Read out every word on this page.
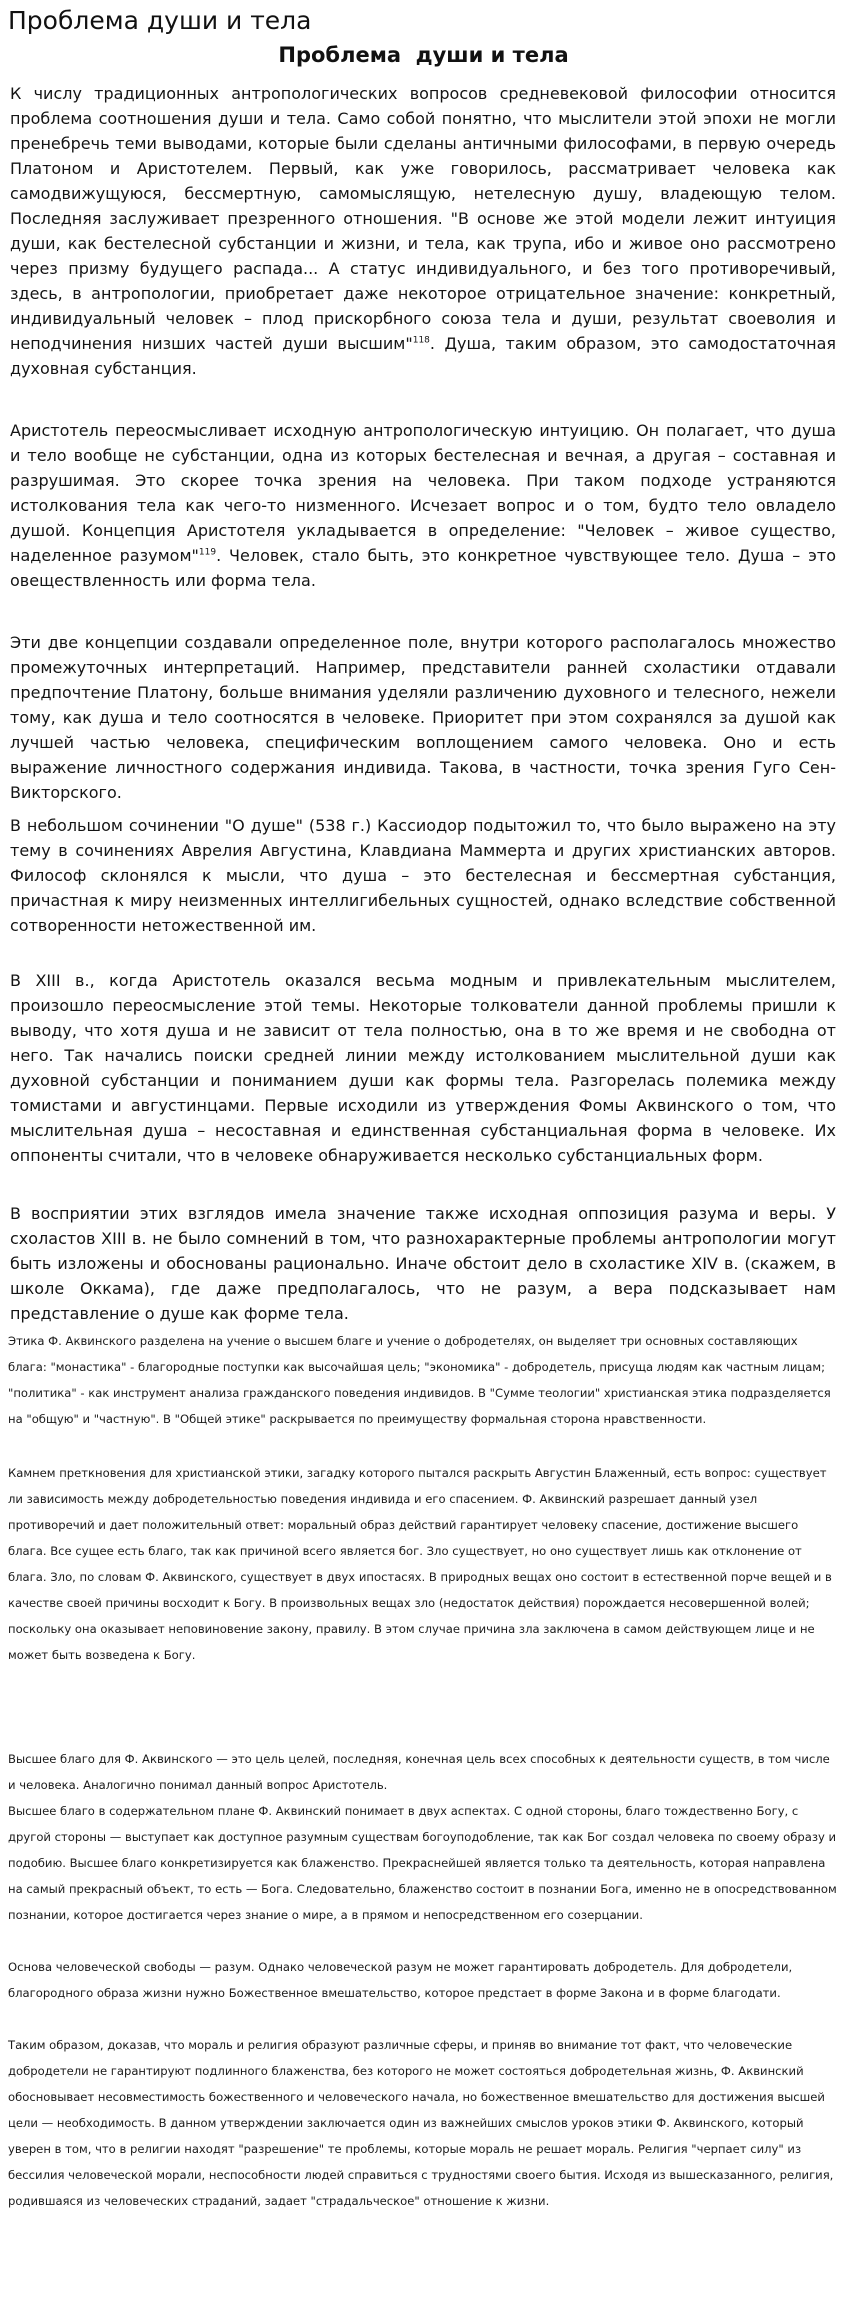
Проблема души и тела
Проблема  души и тела

К числу традиционных антропологических вопросов средневековой философии относится проблема соотношения души и тела. Само собой понятно, что мыслители этой эпохи не могли пренебречь теми выводами, которые были сделаны античными философами, в первую очередь Платоном и Аристотелем. Первый, как уже говорилось, рассматривает человека как самодвижущуюся, бессмертную, самомыслящую, нетелесную душу, владеющую телом. Последняя заслуживает презренного отношения. "В основе же этой модели лежит интуиция души, как бестелесной субстанции и жизни, и тела, как трупа, ибо и живое оно рассмотрено через призму будущего распада... А статус индивидуального, и без того противоречивый, здесь, в антропологии, приобретает даже некоторое отрицательное значение: конкретный, индивидуальный человек – плод прискорбного союза тела и души, результат своеволия и неподчинения низших частей души высшим"$^{118}$. Душа, таким образом, это самодостаточная духовная субстанция.

Аристотель переосмысливает исходную антропологическую интуицию. Он полагает, что душа и тело вообще не субстанции, одна из которых бестелесная и вечная, а другая – составная и разрушимая. Это скорее точка зрения на человека. При таком подходе устраняются истолкования тела как чего-то низменного. Исчезает вопрос и о том, будто тело овладело душой. Концепция Аристотеля укладывается в определение: "Человек – живое существо, наделенное разумом"$^{119}$. Человек, стало быть, это конкретное чувствующее тело. Душа – это овеществленность или форма тела.

Эти две концепции создавали определенное поле, внутри которого располагалось множество промежуточных интерпретаций. Например, представители ранней схоластики отдавали предпочтение Платону, больше внимания уделяли различению духовного и телесного, нежели тому, как душа и тело соотносятся в человеке. Приоритет при этом сохранялся за душой как лучшей частью человека, специфическим воплощением самого человека. Оно и есть выражение личностного содержания индивида. Такова, в частности, точка зрения Гуго Сен-Викторского.

В небольшом сочинении "О душе" (538 г.) Кассиодор подытожил то, что было выражено на эту тему в сочинениях Аврелия Августина, Клавдиана Маммерта и других христианских авторов. Философ склонялся к мысли, что душа – это бестелесная и бессмертная субстанция, причастная к миру неизменных интеллигибельных сущностей, однако вследствие собственной сотворенности нетожественной им.

В XIII в., когда Аристотель оказался весьма модным и привлекательным мыслителем, произошло переосмысление этой темы. Некоторые толкователи данной проблемы пришли к выводу, что хотя душа и не зависит от тела полностью, она в то же время и не свободна от него. Так начались поиски средней линии между истолкованием мыслительной души как духовной субстанции и пониманием души как формы тела. Разгорелась полемика между томистами и августинцами. Первые исходили из утверждения Фомы Аквинского о том, что мыслительная душа – несоставная и единственная субстанциальная форма в человеке. Их оппоненты считали, что в человеке обнаруживается несколько субстанциальных форм.

В восприятии этих взглядов имела значение также исходная оппозиция разума и веры. У схоластов XIII в. не было сомнений в том, что разнохарактерные проблемы антропологии могут быть изложены и обоснованы рационально. Иначе обстоит дело в схоластике XIV в. (скажем, в школе Оккама), где даже предполагалось, что не разум, а вера подсказывает нам представление о душе как форме тела.

Этика Ф. Аквинского разделена на учение о высшем благе и учение о добродетелях, он выделяет три основных составляющих блага: "монастика" - благородные поступки как высочайшая цель; "экономика" - добродетель, присуща людям как частным лицам; "политика" - как инструмент анализа гражданского поведения индивидов. В "Сумме теологии" христианская этика подразделяется на "общую" и "частную". В "Общей этике" раскрывается по преимуществу формальная сторона нравственности.

Камнем преткновения для христианской этики, загадку которого пытался раскрыть Августин Блаженный, есть вопрос: существует ли зависимость между добродетельностью поведения индивида и его спасением. Ф. Аквинский разрешает данный узел противоречий и дает положительный ответ: моральный образ действий гарантирует человеку спасение, достижение высшего блага. Все сущее есть благо, так как причиной всего является бог. Зло существует, но оно существует лишь как отклонение от блага. Зло, по словам Ф. Аквинского, существует в двух ипостасях. В природных вещах оно состоит в естественной порче вещей и в качестве своей причины восходит к Богу. В произвольных вещах зло (недостаток действия) порождается несовершенной волей; поскольку она оказывает неповиновение закону, правилу. В этом случае причина зла заключена в самом действующем лице и не может быть возведена к Богу.

Высшее благо для Ф. Аквинского — это цель целей, последняя, конечная цель всех способных к деятельности существ, в том числе и человека. Аналогично понимал данный вопрос Аристотель.

Высшее благо в содержательном плане Ф. Аквинский понимает в двух аспектах. С одной стороны, благо тождественно Богу, с другой стороны — выступает как доступное разумным существам богоуподобление, так как Бог создал человека по своему образу и подобию. Высшее благо конкретизируется как блаженство. Прекраснейшей является только та деятельность, которая направлена на самый прекрасный объект, то есть — Бога. Следовательно, блаженство состоит в познании Бога, именно не в опосредствованном познании, которое достигается через знание о мире, а в прямом и непосредственном его созерцании.

Основа человеческой свободы — разум. Однако человеческой разум не может гарантировать добродетель. Для добродетели, благородного образа жизни нужно Божественное вмешательство, которое предстает в форме Закона и в форме благодати.

Таким образом, доказав, что мораль и религия образуют различные сферы, и приняв во внимание тот факт, что человеческие добродетели не гарантируют подлинного блаженства, без которого не может состояться добродетельная жизнь, Ф. Аквинский обосновывает несовместимость божественного и человеческого начала, но божественное вмешательство для достижения высшей цели — необходимость. В данном утверждении заключается один из важнейших смыслов уроков этики Ф. Аквинского, который уверен в том, что в религии находят "разрешение" те проблемы, которые мораль не решает мораль. Религия "черпает силу" из бессилия человеческой морали, неспособности людей справиться с трудностями своего бытия. Исходя из вышесказанного, религия, родившаяся из человеческих страданий, задает "страдальческое" отношение к жизни.
